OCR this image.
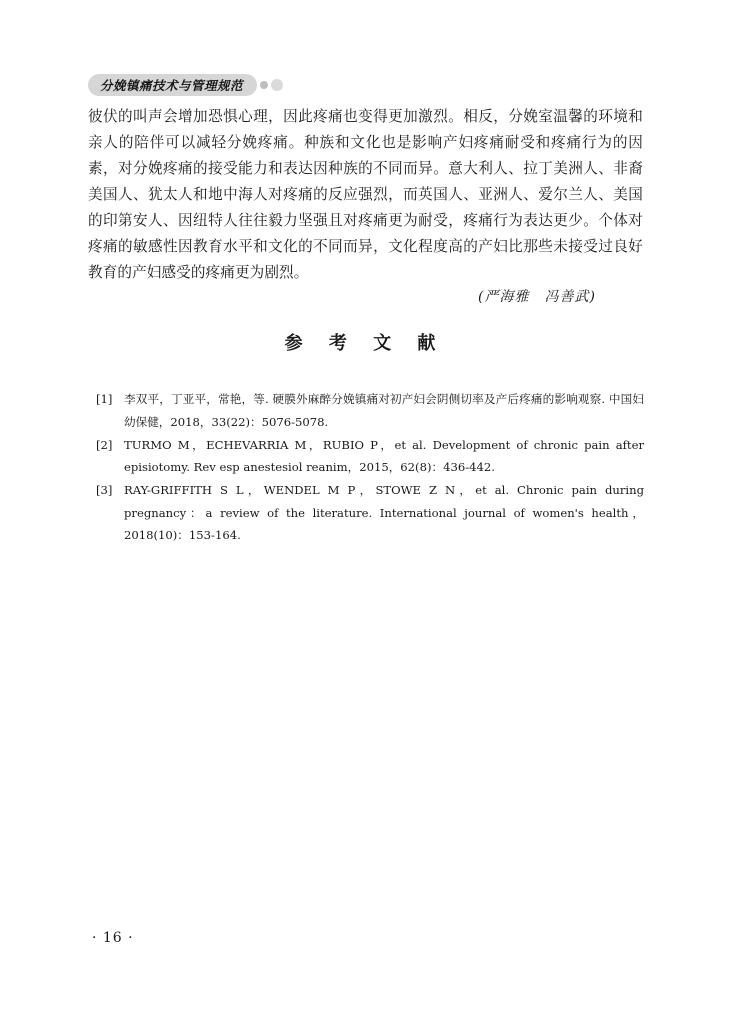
分娩镇痛技术与管理规范

彼伏的叫声会增加恐惧心理，因此疼痛也变得更加激烈。相反，分娩室温馨的环境和亲人的陪伴可以减轻分娩疼痛。种族和文化也是影响产妇疼痛耐受和疼痛行为的因素，对分娩疼痛的接受能力和表达因种族的不同而异。意大利人、拉丁美洲人、非裔美国人、犹太人和地中海人对疼痛的反应强烈，而英国人、亚洲人、爱尔兰人、美国的印第安人、因纽特人往往毅力坚强且对疼痛更为耐受，疼痛行为表达更少。个体对疼痛的敏感性因教育水平和文化的不同而异，文化程度高的产妇比那些未接受过良好教育的产妇感受的疼痛更为剧烈。

(严海雅　冯善武)
参 考 文 献
[1] 李双平，丁亚平，常艳，等. 硬膜外麻醉分娩镇痛对初产妇会阴侧切率及产后疼痛的影响观察. 中国妇幼保健，2018，33(22)：5076-5078.
[2] TURMO M，ECHEVARRIA M，RUBIO P，et al. Development of chronic pain after episiotomy. Rev esp anestesiol reanim，2015，62(8)：436-442.
[3] RAY-GRIFFITH S L，WENDEL M P，STOWE Z N，et al. Chronic pain during pregnancy：a review of the literature. International journal of women's health，2018(10)：153-164.
· 16 ·
